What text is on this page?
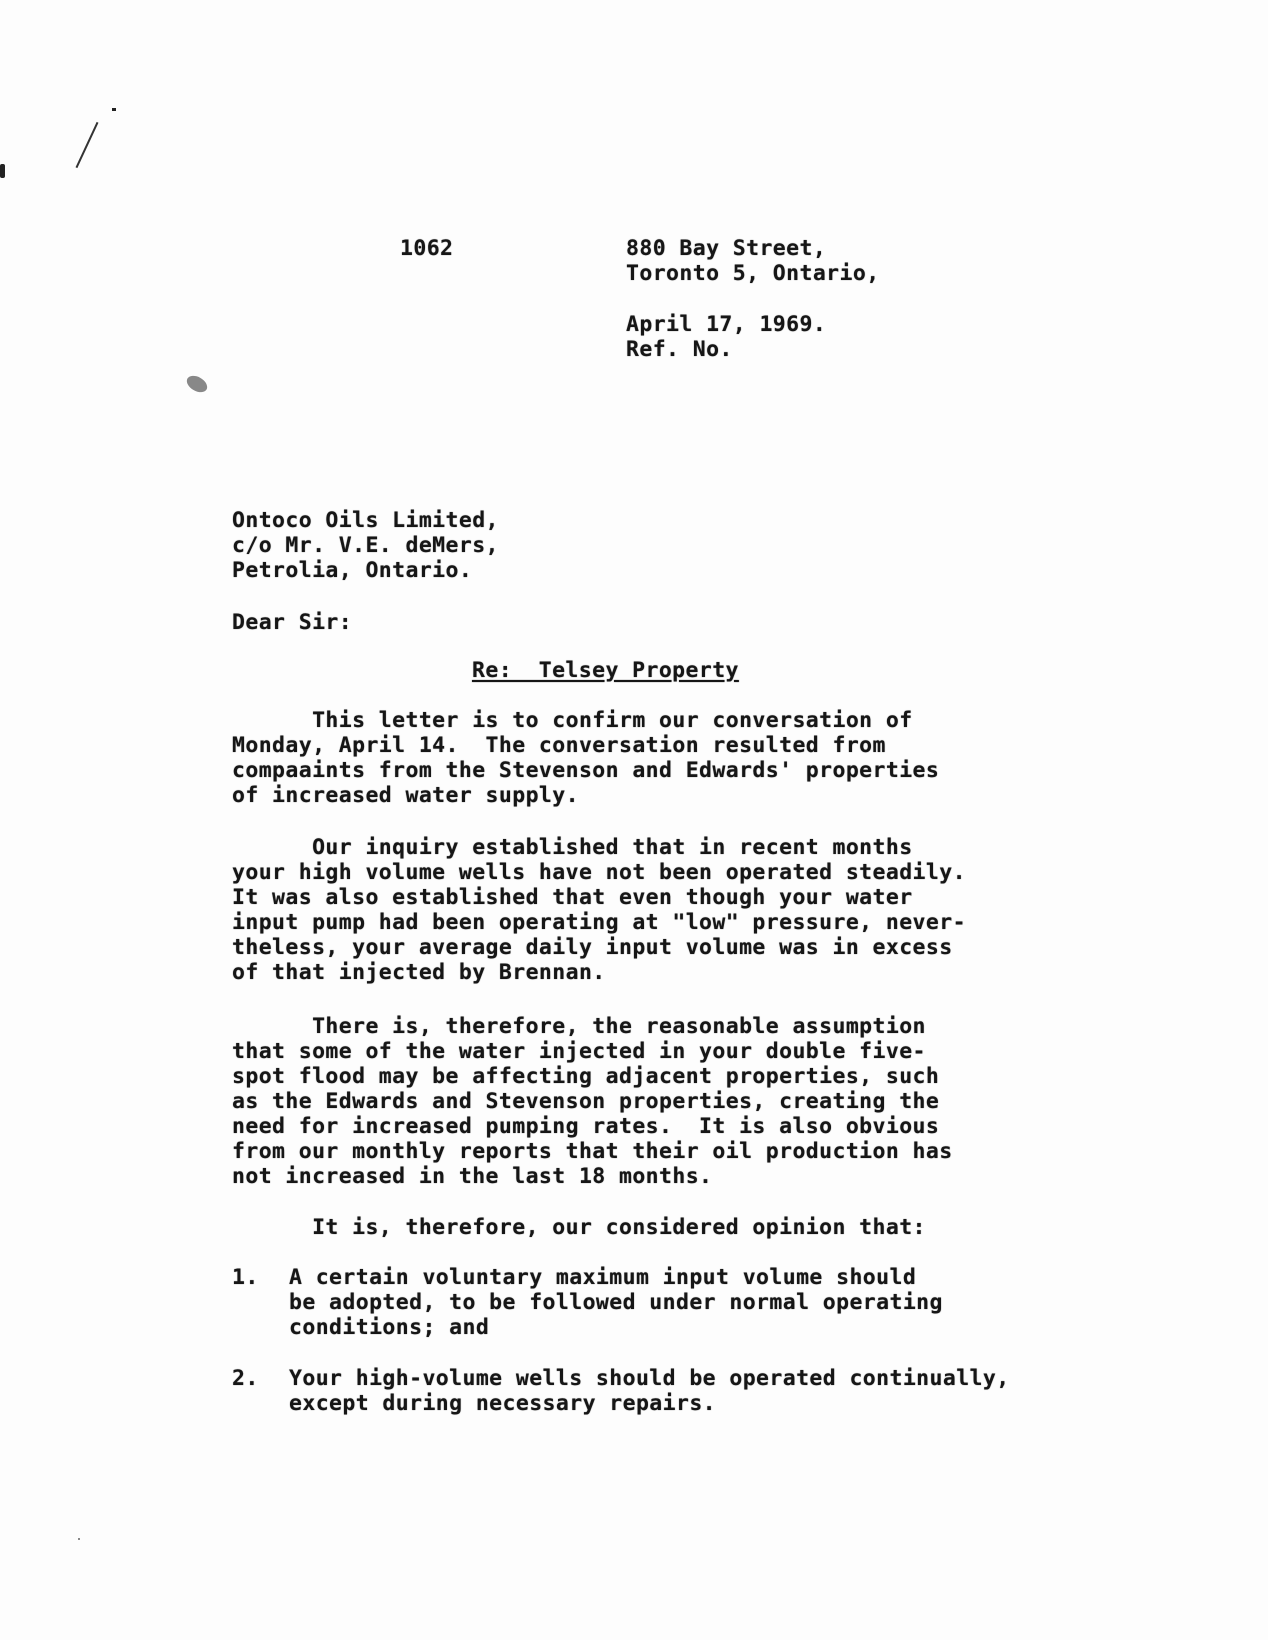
1062	880 Bay Street,
Toronto 5, Ontario,
April 17, 1969.
Ref. No.
Ontoco Oils Limited,
c/o Mr. V.E. deMers,
Petrolia, Ontario.
Dear Sir:
Re:  Telsey Property
This letter is to confirm our conversation of
Monday, April 14.  The conversation resulted from
compaaints from the Stevenson and Edwards' properties
of increased water supply.
Our inquiry established that in recent months
your high volume wells have not been operated steadily.
It was also established that even though your water
input pump had been operating at "low" pressure, never-
theless, your average daily input volume was in excess
of that injected by Brennan.
There is, therefore, the reasonable assumption
that some of the water injected in your double five-
spot flood may be affecting adjacent properties, such
as the Edwards and Stevenson properties, creating the
need for increased pumping rates.  It is also obvious
from our monthly reports that their oil production has
not increased in the last 18 months.
It is, therefore, our considered opinion that:
1. A certain voluntary maximum input volume should
be adopted, to be followed under normal operating
conditions; and
2. Your high-volume wells should be operated continually,
except during necessary repairs.
